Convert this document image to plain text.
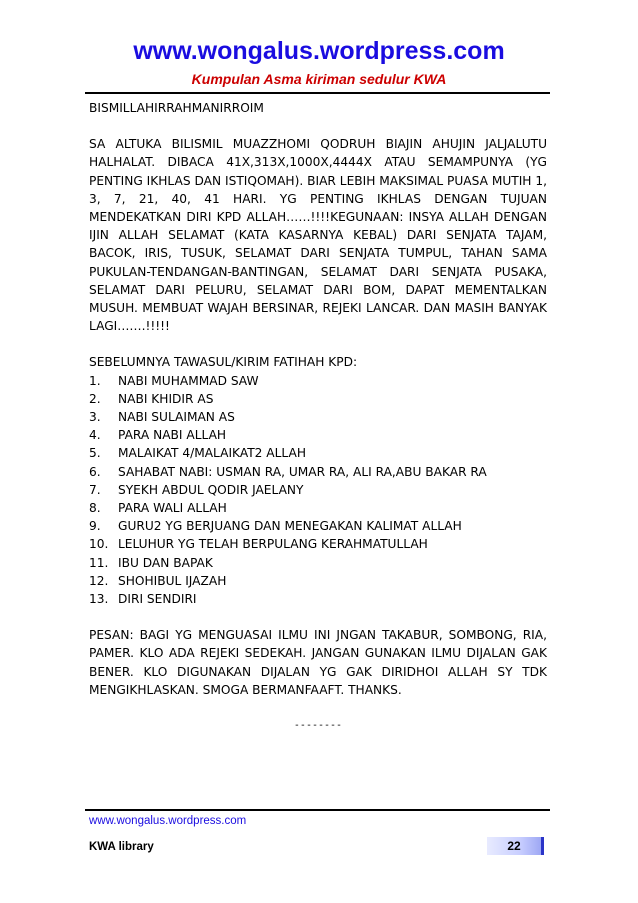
www.wongalus.wordpress.com
Kumpulan Asma kiriman sedulur KWA

BISMILLAHIRRAHMANIRROIM

SA ALTUKA BILISMIL MUAZZHOMI QODRUH BIAJIN AHUJIN JALJALUTU HALHALAT. DIBACA 41X,313X,1000X,4444X ATAU SEMAMPUNYA (YG PENTING IKHLAS DAN ISTIQOMAH). BIAR LEBIH MAKSIMAL PUASA MUTIH 1, 3, 7, 21, 40, 41 HARI. YG PENTING IKHLAS DENGAN TUJUAN MENDEKATKAN DIRI KPD ALLAH……!!!!KEGUNAAN: INSYA ALLAH DENGAN IJIN ALLAH SELAMAT (KATA KASARNYA KEBAL) DARI SENJATA TAJAM, BACOK, IRIS, TUSUK, SELAMAT DARI SENJATA TUMPUL, TAHAN SAMA PUKULAN-TENDANGAN-BANTINGAN, SELAMAT DARI SENJATA PUSAKA, SELAMAT DARI PELURU, SELAMAT DARI BOM, DAPAT MEMENTALKAN MUSUH. MEMBUAT WAJAH BERSINAR, REJEKI LANCAR. DAN MASIH BANYAK LAGI…….!!!!!

SEBELUMNYA TAWASUL/KIRIM FATIHAH KPD:

1.	NABI MUHAMMAD SAW
2.	NABI KHIDIR AS
3.	NABI SULAIMAN AS
4.	PARA NABI ALLAH
5.	MALAIKAT 4/MALAIKAT2 ALLAH
6.	SAHABAT NABI: USMAN RA, UMAR RA, ALI RA,ABU BAKAR RA
7.	SYEKH ABDUL QODIR JAELANY
8.	PARA WALI ALLAH
9.	GURU2 YG BERJUANG DAN MENEGAKAN KALIMAT ALLAH
10. LELUHUR YG TELAH BERPULANG KERAHMATULLAH
11. IBU DAN BAPAK
12. SHOHIBUL IJAZAH
13. DIRI SENDIRI

PESAN: BAGI YG MENGUASAI ILMU INI JNGAN TAKABUR, SOMBONG, RIA, PAMER. KLO ADA REJEKI SEDEKAH. JANGAN GUNAKAN ILMU DIJALAN GAK BENER. KLO DIGUNAKAN DIJALAN YG GAK DIRIDHOI ALLAH SY TDK MENGIKHLASKAN. SMOGA BERMANFAAFT. THANKS.

--------

www.wongalus.wordpress.com
KWA library	22
